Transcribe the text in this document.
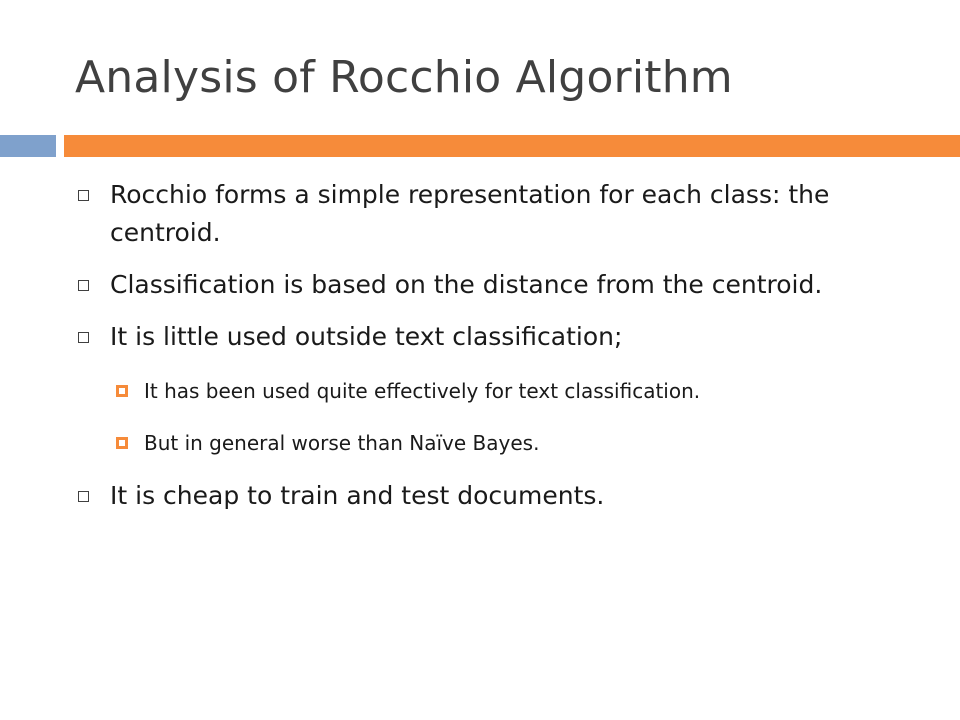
Analysis of Rocchio Algorithm
Rocchio forms a simple representation for each class: the centroid.
Classification is based on the distance from the centroid.
It is little used outside text classification;
It has been used quite effectively for text classification.
But in general worse than Naïve Bayes.
It is cheap to train and test documents.
